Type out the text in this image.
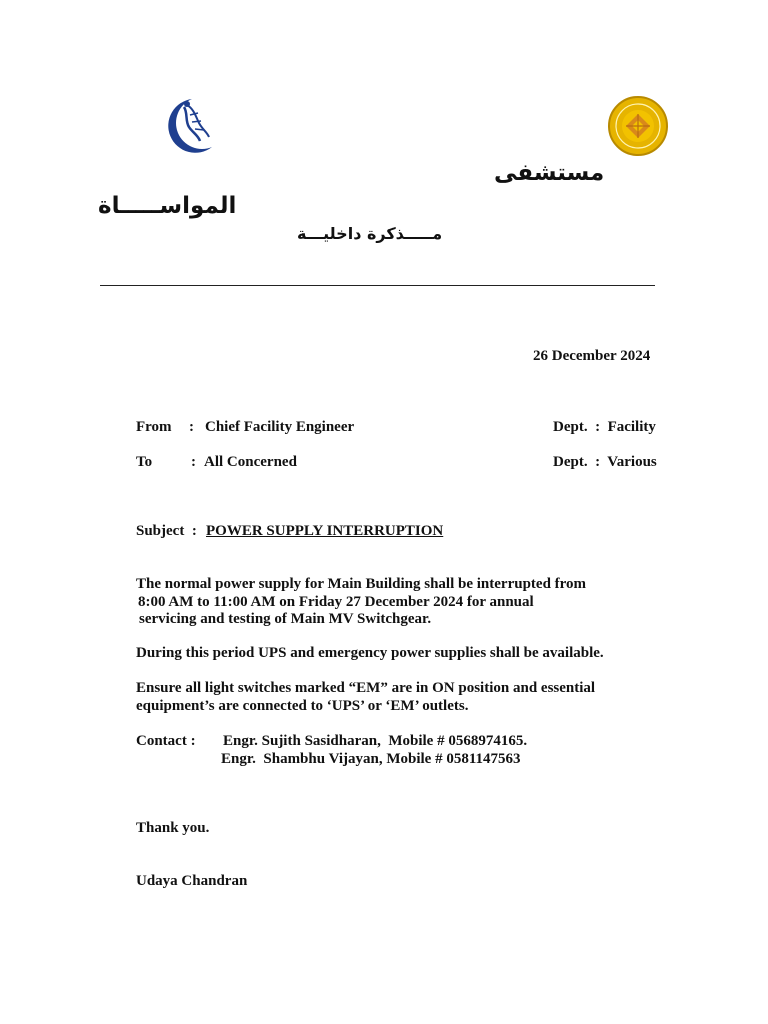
مستشفى
المواســـــاة
مـــــذكرة داخليـــة
26 December 2024
From : Chief Facility Engineer	Dept.  :  Facility
To	: All Concerned	Dept.  :  Various
Subject  : POWER SUPPLY INTERRUPTION
The normal power supply for Main Building shall be interrupted from
8:00 AM to 11:00 AM on Friday 27 December 2024 for annual
servicing and testing of Main MV Switchgear.
During this period UPS and emergency power supplies shall be available.
Ensure all light switches marked “EM” are in ON position and essential
equipment’s are connected to ‘UPS’ or ‘EM’ outlets.
Contact : Engr. Sujith Sasidharan,  Mobile # 0568974165.
Engr.  Shambhu Vijayan, Mobile # 0581147563
Thank you.
Udaya Chandran
